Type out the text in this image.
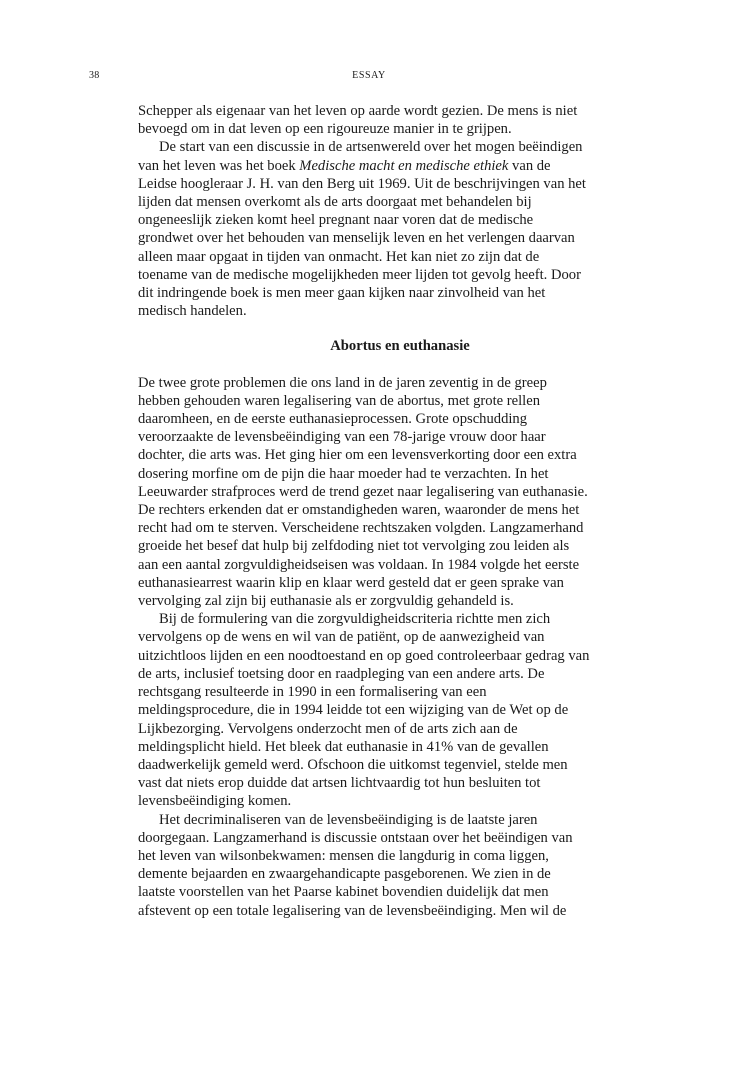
38	ESSAY
Schepper als eigenaar van het leven op aarde wordt gezien. De mens is niet
bevoegd om in dat leven op een rigoureuze manier in te grijpen.
De start van een discussie in de artsenwereld over het mogen beëindigen
van het leven was het boek Medische macht en medische ethiek van de
Leidse hoogleraar J. H. van den Berg uit 1969. Uit de beschrijvingen van het
lijden dat mensen overkomt als de arts doorgaat met behandelen bij
ongeneeslijk zieken komt heel pregnant naar voren dat de medische
grondwet over het behouden van menselijk leven en het verlengen daarvan
alleen maar opgaat in tijden van onmacht. Het kan niet zo zijn dat de
toename van de medische mogelijkheden meer lijden tot gevolg heeft. Door
dit indringende boek is men meer gaan kijken naar zinvolheid van het
medisch handelen.
Abortus en euthanasie
De twee grote problemen die ons land in de jaren zeventig in de greep
hebben gehouden waren legalisering van de abortus, met grote rellen
daaromheen, en de eerste euthanasieprocessen. Grote opschudding
veroorzaakte de levensbeëindiging van een 78-jarige vrouw door haar
dochter, die arts was. Het ging hier om een levensverkorting door een extra
dosering morfine om de pijn die haar moeder had te verzachten. In het
Leeuwarder strafproces werd de trend gezet naar legalisering van euthanasie.
De rechters erkenden dat er omstandigheden waren, waaronder de mens het
recht had om te sterven. Verscheidene rechtszaken volgden. Langzamerhand
groeide het besef dat hulp bij zelfdoding niet tot vervolging zou leiden als
aan een aantal zorgvuldigheidseisen was voldaan. In 1984 volgde het eerste
euthanasiearrest waarin klip en klaar werd gesteld dat er geen sprake van
vervolging zal zijn bij euthanasie als er zorgvuldig gehandeld is.
Bij de formulering van die zorgvuldigheidscriteria richtte men zich
vervolgens op de wens en wil van de patiënt, op de aanwezigheid van
uitzichtloos lijden en een noodtoestand en op goed controleerbaar gedrag van
de arts, inclusief toetsing door en raadpleging van een andere arts. De
rechtsgang resulteerde in 1990 in een formalisering van een
meldingsprocedure, die in 1994 leidde tot een wijziging van de Wet op de
Lijkbezorging. Vervolgens onderzocht men of de arts zich aan de
meldingsplicht hield. Het bleek dat euthanasie in 41% van de gevallen
daadwerkelijk gemeld werd. Ofschoon die uitkomst tegenviel, stelde men
vast dat niets erop duidde dat artsen lichtvaardig tot hun besluiten tot
levensbeëindiging komen.
Het decriminaliseren van de levensbeëindiging is de laatste jaren
doorgegaan. Langzamerhand is discussie ontstaan over het beëindigen van
het leven van wilsonbekwamen: mensen die langdurig in coma liggen,
demente bejaarden en zwaargehandicapte pasgeborenen. We zien in de
laatste voorstellen van het Paarse kabinet bovendien duidelijk dat men
afstevent op een totale legalisering van de levensbeëindiging. Men wil de
